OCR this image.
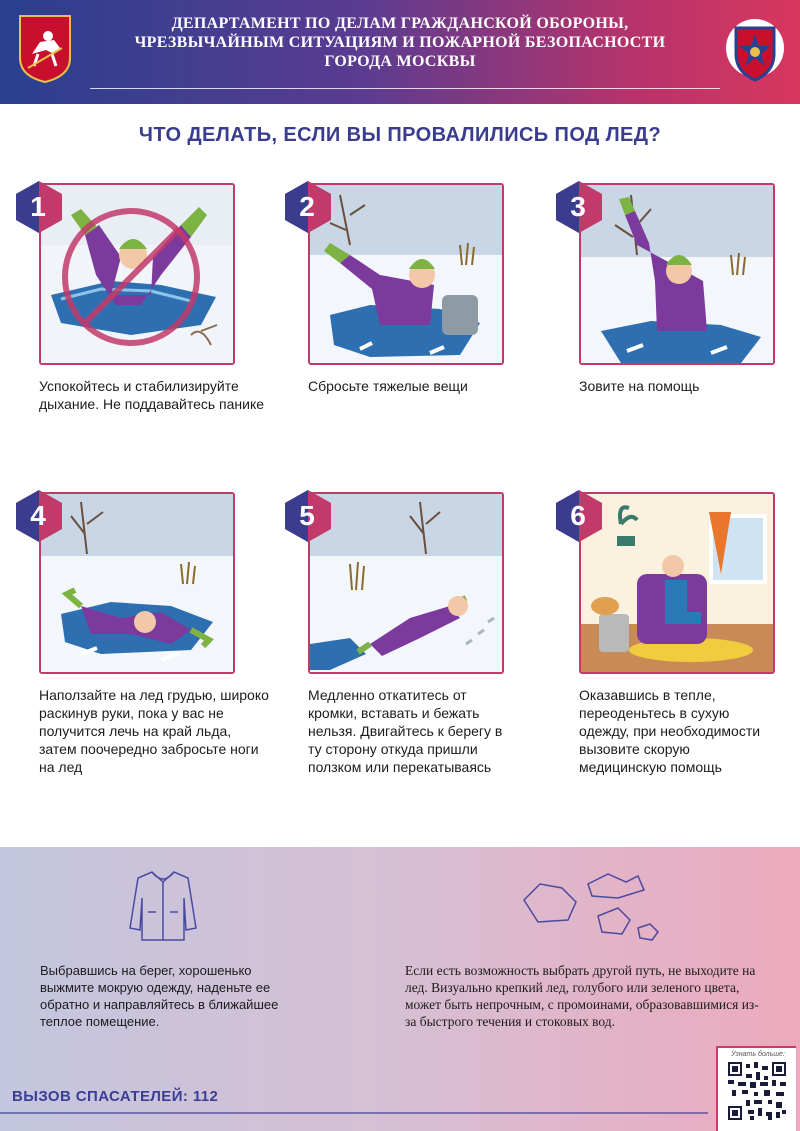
ДЕПАРТАМЕНТ ПО ДЕЛАМ ГРАЖДАНСКОЙ ОБОРОНЫ,
ЧРЕЗВЫЧАЙНЫМ СИТУАЦИЯМ И ПОЖАРНОЙ БЕЗОПАСНОСТИ
ГОРОДА МОСКВЫ
ЧТО ДЕЛАТЬ, ЕСЛИ ВЫ ПРОВАЛИЛИСЬ ПОД ЛЕД?
1
Успокойтесь и стабилизируйте дыхание. Не поддавайтесь панике
2
Сбросьте тяжелые вещи
3
Зовите на помощь
4
Наползайте на лед грудью, широко раскинув руки, пока у вас не получится лечь на край льда, затем поочередно забросьте ноги на лед
5
Медленно откатитесь от кромки, вставать и бежать нельзя. Двигайтесь к берегу в ту сторону откуда пришли ползком или перекатываясь
6
Оказавшись в тепле, переоденьтесь в сухую одежду, при необходимости вызовите скорую медицинскую помощь
Выбравшись на берег, хорошенько выжмите мокрую одежду, наденьте ее обратно и направляйтесь в ближайшее теплое помещение.
Если есть возможность выбрать другой путь, не выходите на лед. Визуально крепкий лед, голубого или зеленого цвета, может быть непрочным, с промоинами, образовавшимися из-за быстрого течения и стоковых вод.
ВЫЗОВ СПАСАТЕЛЕЙ: 112
Узнать больше:
